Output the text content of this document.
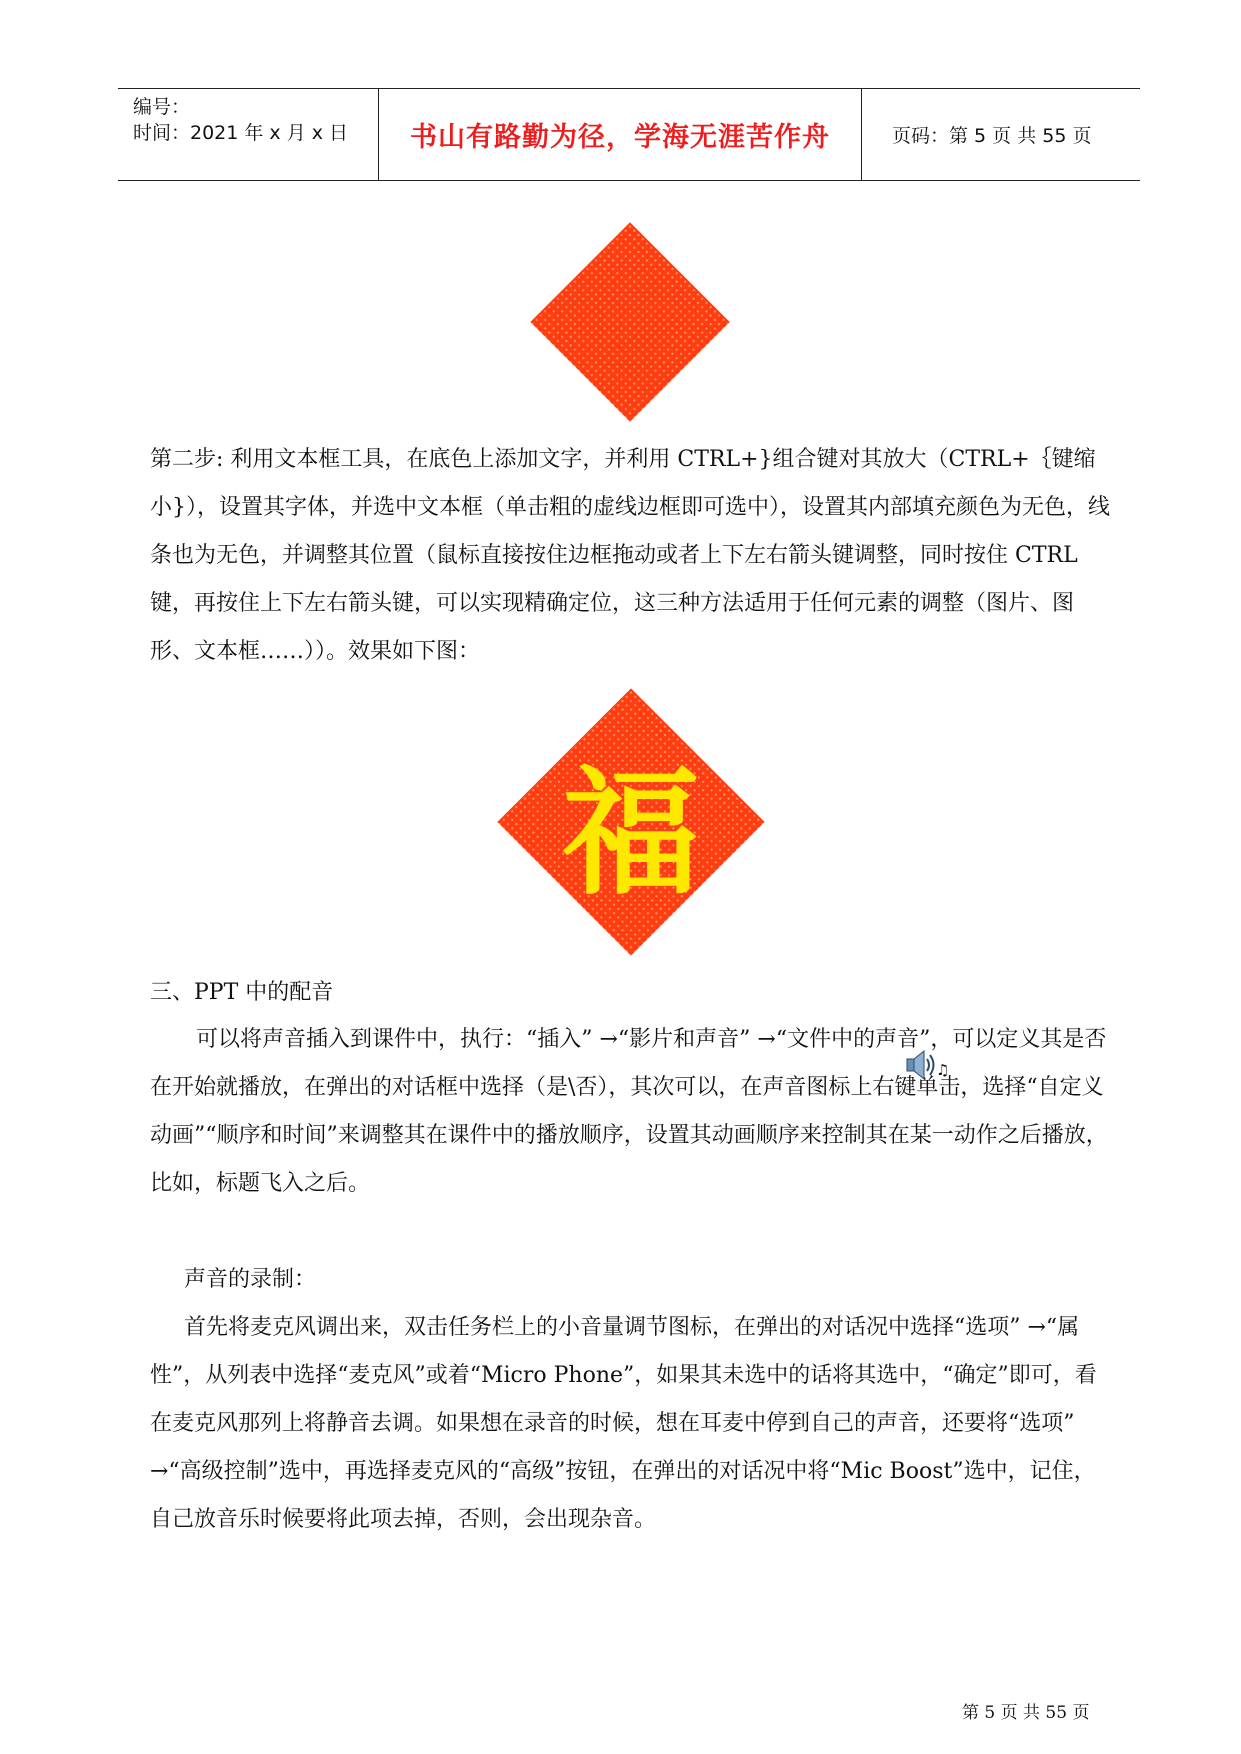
编号：
时间：2021 年 x 月 x 日 书山有路勤为径，学海无涯苦作舟	页码：第 5 页 共 55 页

第二步: 利用文本框工具，在底色上添加文字，并利用 CTRL+}组合键对其放大（CTRL+｛键缩小}），设置其字体，并选中文本框（单击粗的虚线边框即可选中），设置其内部填充颜色为无色，线条也为无色，并调整其位置（鼠标直接按住边框拖动或者上下左右箭头键调整，同时按住 CTRL 键，再按住上下左右箭头键，可以实现精确定位，这三种方法适用于任何元素的调整（图片、图形、文本框……））。效果如下图：

福

三、PPT 中的配音

可以将声音插入到课件中，执行：“插入” →“影片和声音” →“文件中的声音”，可以定义其是否在开始就播放，在弹出的对话框中选择（是\否），其次可以，在声音图标上右键单击，选择“自定义动画”“顺序和时间”来调整其在课件中的播放顺序，设置其动画顺序来控制其在某一动作之后播放，比如，标题飞入之后。

♫

声音的录制：

首先将麦克风调出来，双击任务栏上的小音量调节图标，在弹出的对话况中选择“选项” →“属性”，从列表中选择“麦克风”或着“Micro Phone”，如果其未选中的话将其选中，“确定”即可，看在麦克风那列上将静音去调。如果想在录音的时候，想在耳麦中停到自己的声音，还要将“选项” →“高级控制”选中，再选择麦克风的“高级”按钮，在弹出的对话况中将“Mic Boost”选中，记住，自己放音乐时候要将此项去掉，否则，会出现杂音。

第 5 页 共 55 页
